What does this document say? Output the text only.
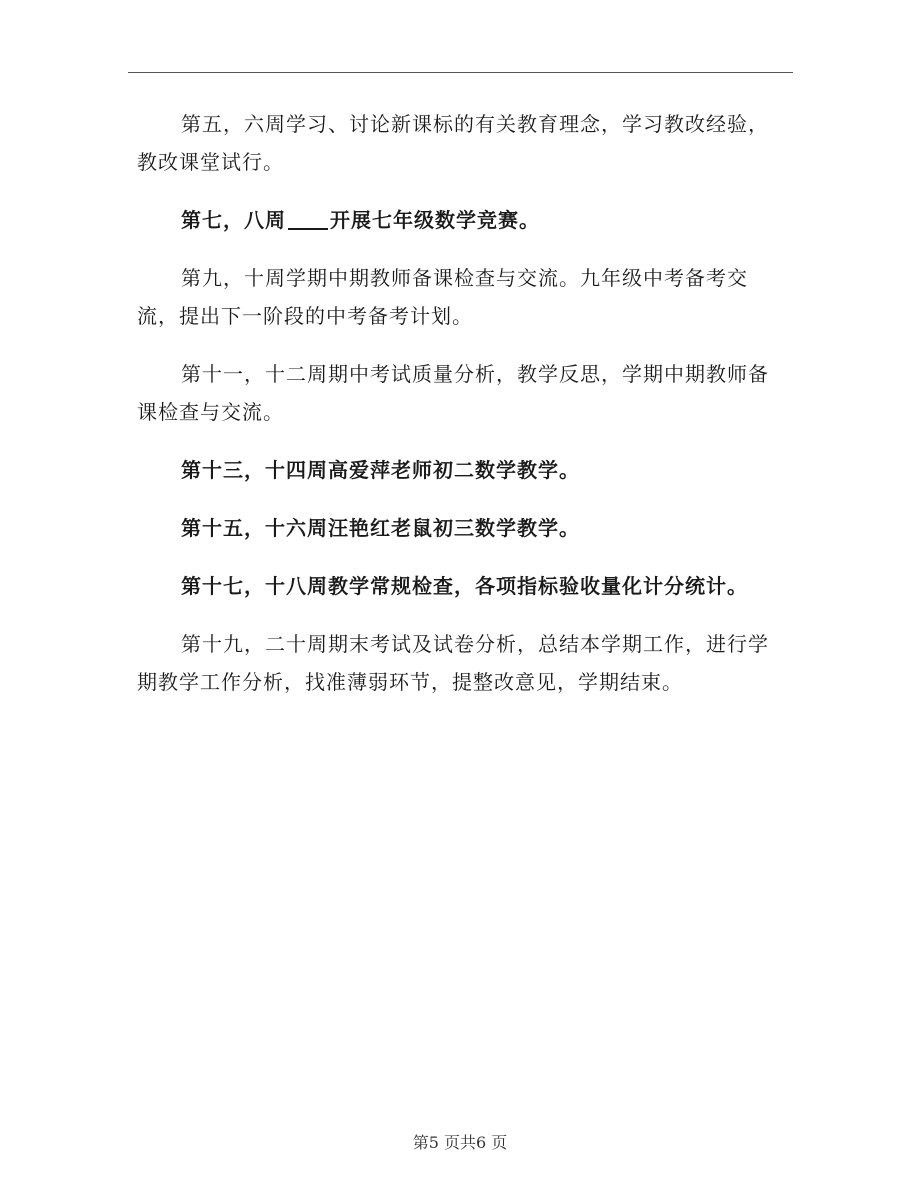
第五，六周学习、讨论新课标的有关教育理念，学习教改经验，教改课堂试行。

第七，八周 开展七年级数学竞赛。

第九，十周学期中期教师备课检查与交流。九年级中考备考交流，提出下一阶段的中考备考计划。

第十一，十二周期中考试质量分析，教学反思，学期中期教师备课检查与交流。

第十三，十四周高爱萍老师初二数学教学。

第十五，十六周汪艳红老鼠初三数学教学。

第十七，十八周教学常规检查，各项指标验收量化计分统计。

第十九，二十周期末考试及试卷分析，总结本学期工作，进行学期教学工作分析，找准薄弱环节，提整改意见，学期结束。

第5 页共6 页
